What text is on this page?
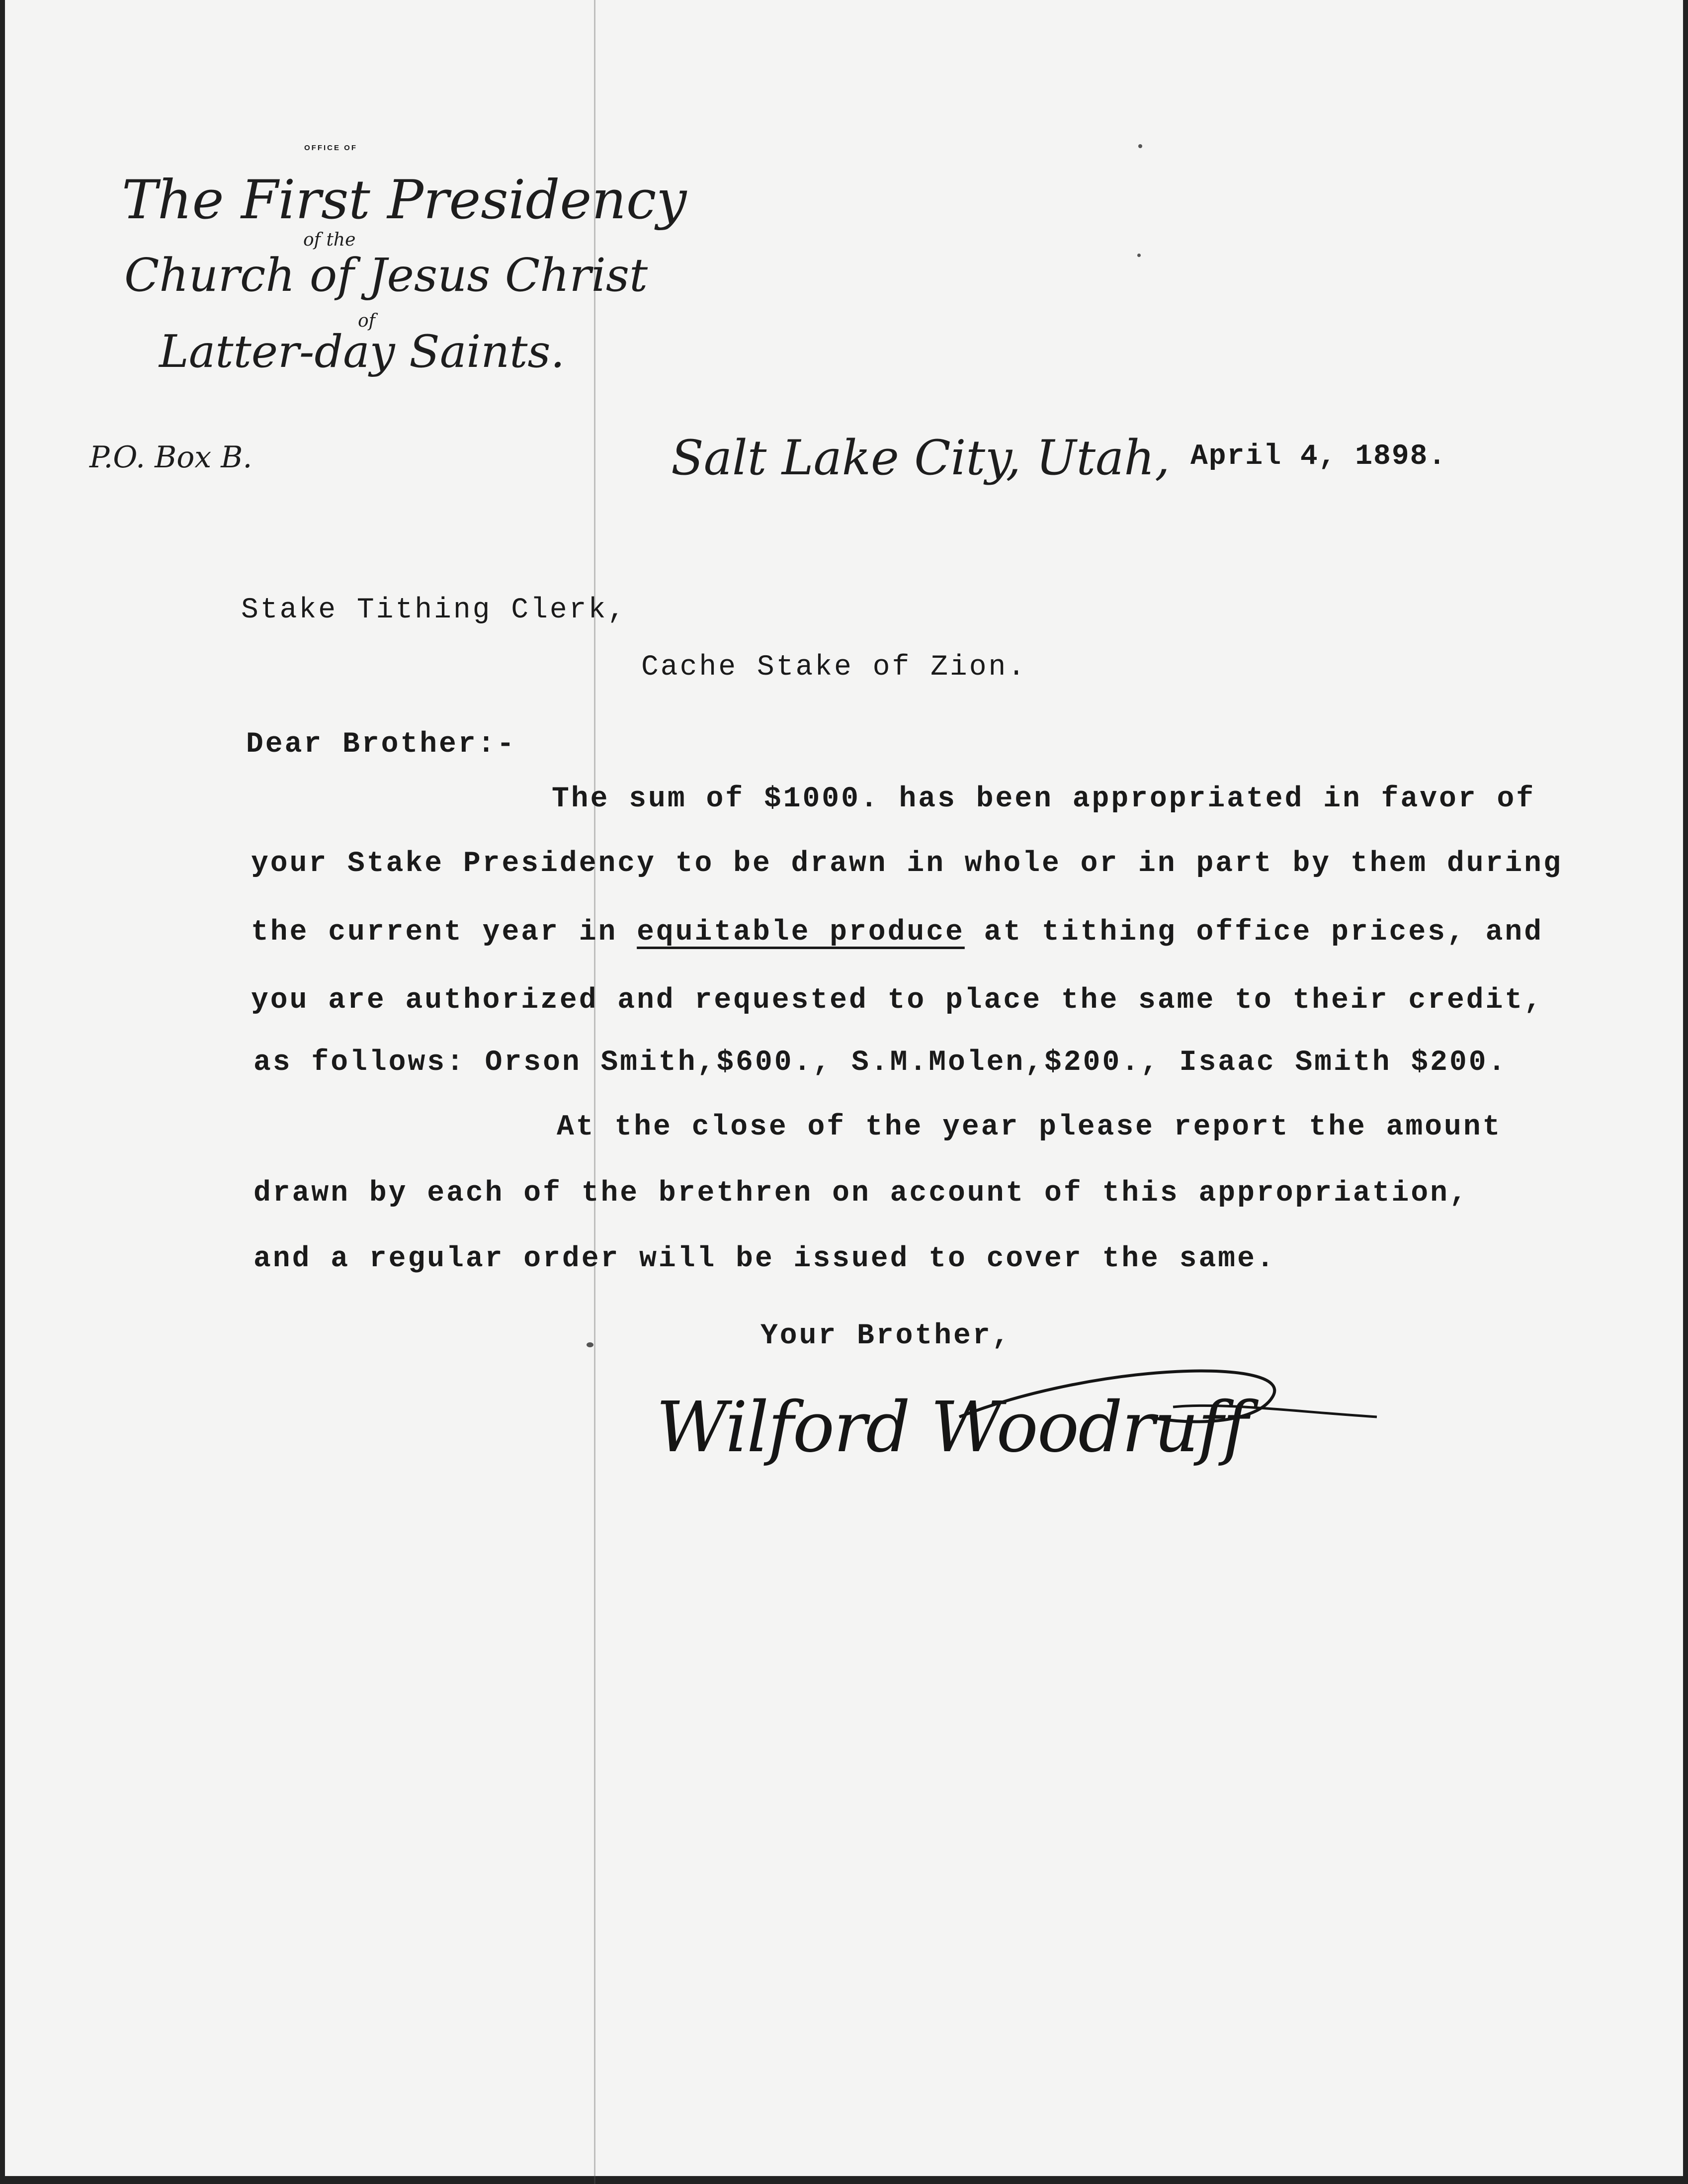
OFFICE OF
The First Presidency
of the
Church of Jesus Christ
of
Latter-day Saints.
P.O. Box B.	Salt Lake City, Utah, April 4, 1898.
Stake Tithing Clerk,
Cache Stake of Zion.
Dear Brother:-
The sum of $1000. has been appropriated in favor of
your Stake Presidency to be drawn in whole or in part by them during
the current year in equitable produce at tithing office prices, and
you are authorized and requested to place the same to their credit,
as follows: Orson Smith,$600., S.M.Molen,$200., Isaac Smith $200.
At the close of the year please report the amount
drawn by each of the brethren on account of this appropriation,
and a regular order will be issued to cover the same.
Your Brother,
Wilford Woodruff
